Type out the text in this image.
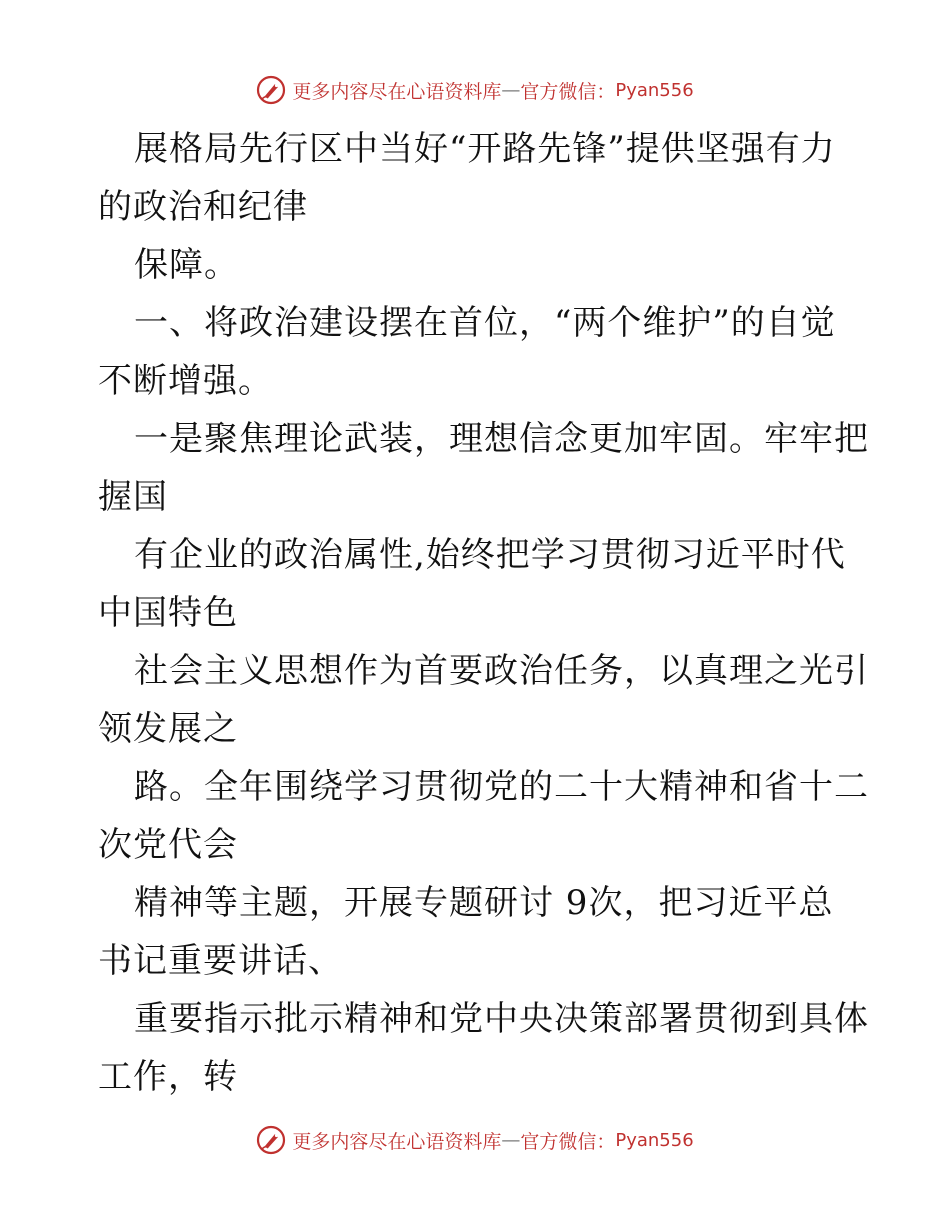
更多内容尽在心语资料库 — 官方微信： Pyan556
展格局先行区中当好“开路先锋”提供坚强有力
的政治和纪律
保障。
一、将政治建设摆在首位，“两个维护”的自觉
不断增强。
一是聚焦理论武装，理想信念更加牢固。牢牢把
握国
有企业的政治属性,始终把学习贯彻习近平时代
中国特色
社会主义思想作为首要政治任务，以真理之光引
领发展之
路。全年围绕学习贯彻党的二十大精神和省十二
次党代会
精神等主题，开展专题研讨 9次，把习近平总
书记重要讲话、
重要指示批示精神和党中央决策部署贯彻到具体
工作，转
更多内容尽在心语资料库 — 官方微信： Pyan556
